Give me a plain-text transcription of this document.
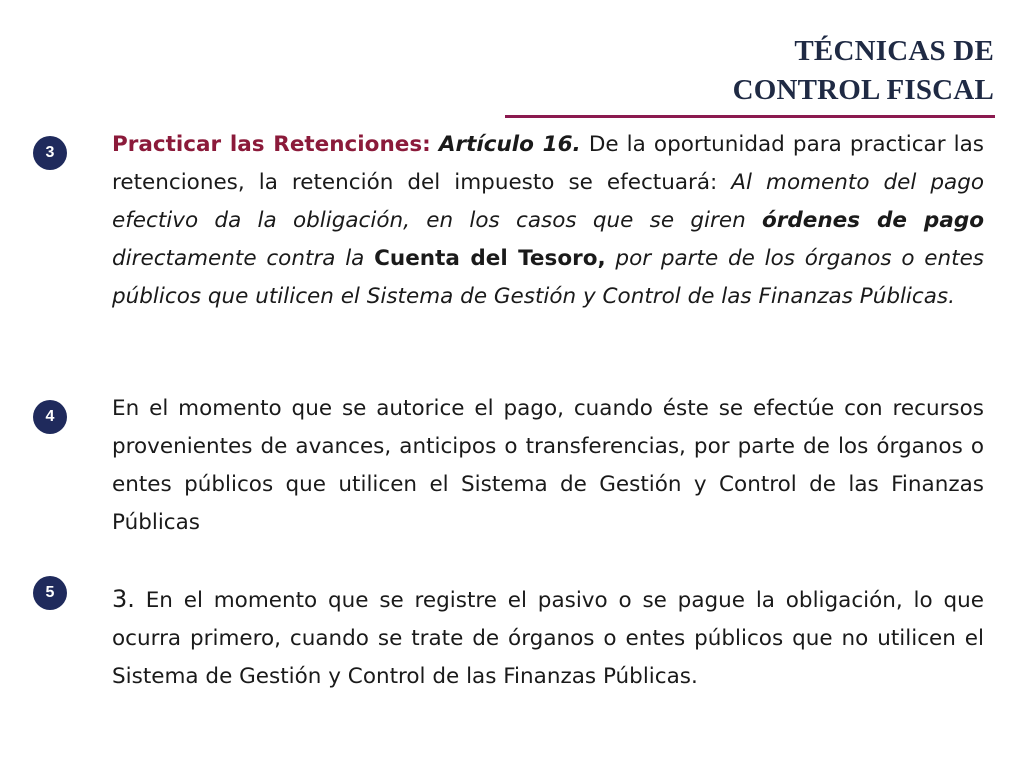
TÉCNICAS DE
CONTROL FISCAL
3	Practicar las Retenciones: Artículo 16. De la oportunidad para practicar las retenciones, la retención del impuesto se efectuará: Al momento del pago efectivo da la obligación, en los casos que se giren órdenes de pago directamente contra la Cuenta del Tesoro, por parte de los órganos o entes públicos que utilicen el Sistema de Gestión y Control de las Finanzas Públicas.
4	En el momento que se autorice el pago, cuando éste se efectúe con recursos provenientes de avances, anticipos o transferencias, por parte de los órganos o entes públicos que utilicen el Sistema de Gestión y Control de las Finanzas Públicas
5	3. En el momento que se registre el pasivo o se pague la obligación, lo que ocurra primero, cuando se trate de órganos o entes públicos que no utilicen el Sistema de Gestión y Control de las Finanzas Públicas.
